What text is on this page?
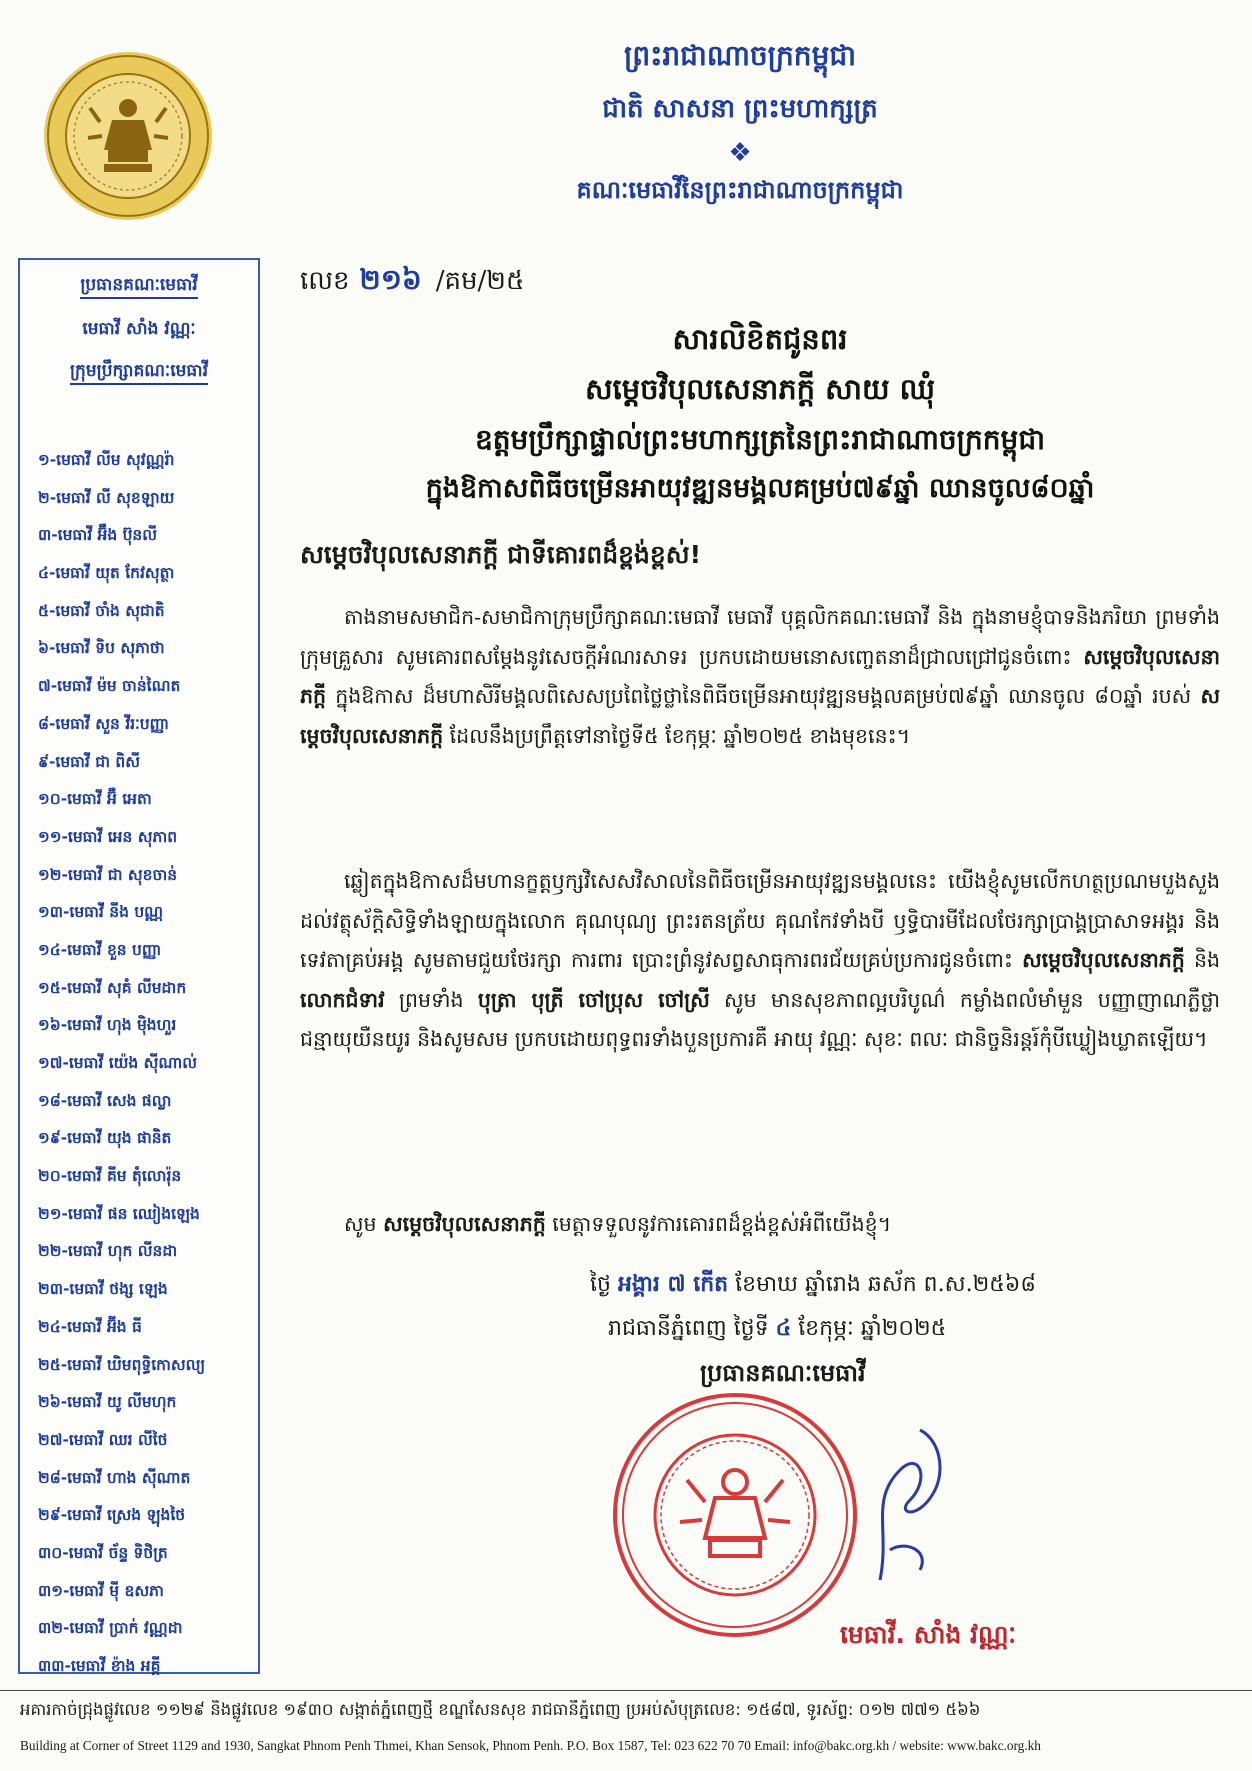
ព្រះរាជាណាចក្រកម្ពុជា
ជាតិ សាសនា ព្រះមហាក្សត្រ
❖
គណៈមេធាវីនៃព្រះរាជាណាចក្រកម្ពុជា
ប្រធានគណៈមេធាវី
មេធាវី សាំង វណ្ណៈ
ក្រុមប្រឹក្សាគណៈមេធាវី
១-មេធាវី លីម សុវណ្ណរ៉ា
២-មេធាវី លី សុខឡាយ
៣-មេធាវី អ៊ឹង ប៊ុនលី
៤-មេធាវី យុត កែវសុត្ថា
៥-មេធាវី ចាំង សុជាតិ
៦-មេធាវី ទិប សុភាថា
៧-មេធាវី ម៉ម ចាន់ណៃត
៨-មេធាវី សួន វីរៈបញ្ញា
៩-មេធាវី ជា ពិសី
១០-មេធាវី អ៊ឺ អេតា
១១-មេធាវី អេន សុភាព
១២-មេធាវី ជា សុខចាន់
១៣-មេធាវី នីង បណ្ណ
១៤-មេធាវី ខួន បញ្ញា
១៥-មេធាវី សុគំ លីមដាក
១៦-មេធាវី ហុង ម៉ិងហួរ
១៧-មេធាវី យ៉េង ស៊ីណាល់
១៨-មេធាវី សេង ផល្លា
១៩-មេធាវី យុង ផានិត
២០-មេធាវី គីម តុំលោរ៉ុន
២១-មេធាវី ផន ឈៀងឡេង
២២-មេធាវី ហុក លីនដា
២៣-មេធាវី ថង្ស ឡេង
២៤-មេធាវី អ៊ីង ធី
២៥-មេធាវី ឃិមពុទ្ធិកោសល្យ
២៦-មេធាវី យូ លីមហុក
២៧-មេធាវី ឈរ លីថៃ
២៨-មេធាវី ហាង ស៊ីណាត
២៩-មេធាវី ស្រេង ឡុងថៃ
៣០-មេធាវី ច័ន្ទ ទិថិត្រ
៣១-មេធាវី ម៉ី ឧសភា
៣២-មេធាវី ប្រាក់ វណ្ណដា
៣៣-មេធាវី ខ៉ាង អគ្គី
លេខ ២១៦ /គម/២៥
សារលិខិតជូនពរ
សម្តេចវិបុលសេនាភក្តី សាយ ឈុំ
ឧត្តមប្រឹក្សាផ្ទាល់ព្រះមហាក្សត្រនៃព្រះរាជាណាចក្រកម្ពុជា
ក្នុងឱកាសពិធីចម្រើនអាយុវឌ្ឍនមង្គលគម្រប់៧៩ឆ្នាំ ឈានចូល៨០ឆ្នាំ
សម្តេចវិបុលសេនាភក្តី ជាទីគោរពដ៏ខ្ពង់ខ្ពស់!
តាងនាមសមាជិក-សមាជិកាក្រុមប្រឹក្សាគណៈមេធាវី មេធាវី បុគ្គលិកគណៈមេធាវី និង ក្នុងនាមខ្ញុំបាទនិងភរិយា ព្រមទាំងក្រុមគ្រួសារ សូមគោរពសម្តែងនូវសេចក្តីអំណរសាទរ ប្រកបដោយមនោសញ្ចេតនាដ៏ជ្រាលជ្រៅជូនចំពោះ សម្តេចវិបុលសេនាភក្តី ក្នុងឱកាស ដ៏មហាសិរីមង្គលពិសេសប្រពៃថ្លៃថ្លានៃពិធីចម្រើនអាយុវឌ្ឍនមង្គលគម្រប់៧៩ឆ្នាំ ឈានចូល ៨០ឆ្នាំ របស់ សម្តេចវិបុលសេនាភក្តី ដែលនឹងប្រព្រឹត្តទៅនាថ្ងៃទី៥ ខែកុម្ភៈ ឆ្នាំ២០២៥ ខាងមុខនេះ។
ឆ្លៀតក្នុងឱកាសដ៏មហានក្ខត្តឫក្សវិសេសវិសាលនៃពិធីចម្រើនអាយុវឌ្ឍនមង្គលនេះ យើងខ្ញុំសូមលើកហត្ថប្រណមបួងសួងដល់វត្ថុស័ក្តិសិទ្ធិទាំងឡាយក្នុងលោក គុណបុណ្យ ព្រះរតនត្រ័យ គុណកែវទាំងបី ឫទ្ធិបារមីដែលថែរក្សាប្រាង្គប្រាសាទអង្គរ និងទេវតាគ្រប់អង្គ សូមតាមជួយថែរក្សា ការពារ ប្រោះព្រំនូវសព្វសាធុការពរជ័យគ្រប់ប្រការជូនចំពោះ សម្តេចវិបុលសេនាភក្តី និង លោកជំទាវ ព្រមទាំង បុត្រា បុត្រី ចៅប្រុស ចៅស្រី សូម មានសុខភាពល្អបរិបូណ៌ កម្លាំងពលំមាំមួន បញ្ញាញាណភ្លឺថ្លា ជន្មាយុយឺនយូរ និងសូមសម ប្រកបដោយពុទ្ធពរទាំងបួនប្រការគឺ អាយុ វណ្ណៈ សុខៈ ពលៈ ជានិច្ចនិរន្តរ៍កុំបីឃ្លៀងឃ្លាតឡើយ។
សូម សម្តេចវិបុលសេនាភក្តី មេត្តាទទួលនូវការគោរពដ៏ខ្ពង់ខ្ពស់អំពីយើងខ្ញុំ។
ថ្ងៃ អង្គារ ៧ កើត ខែមាឃ ឆ្នាំរោង ឆស័ក ព.ស.២៥៦៨
រាជធានីភ្នំពេញ ថ្ងៃទី ៤ ខែកុម្ភៈ ឆ្នាំ២០២៥
ប្រធានគណៈមេធាវី
មេធាវី. សាំង វណ្ណៈ
អគារកាច់ជ្រុងផ្លូវលេខ ១១២៩ និងផ្លូវលេខ ១៩៣០ សង្កាត់ភ្នំពេញថ្មី ខណ្ឌសែនសុខ រាជធានីភ្នំពេញ ប្រអប់សំបុត្រលេខ: ១៥៨៧, ទូរស័ព្ទ: ០១២ ៧៧១ ៥៦៦
Building at Corner of Street 1129 and 1930, Sangkat Phnom Penh Thmei, Khan Sensok, Phnom Penh. P.O. Box 1587, Tel: 023 622 70 70 Email: info@bakc.org.kh / website: www.bakc.org.kh
